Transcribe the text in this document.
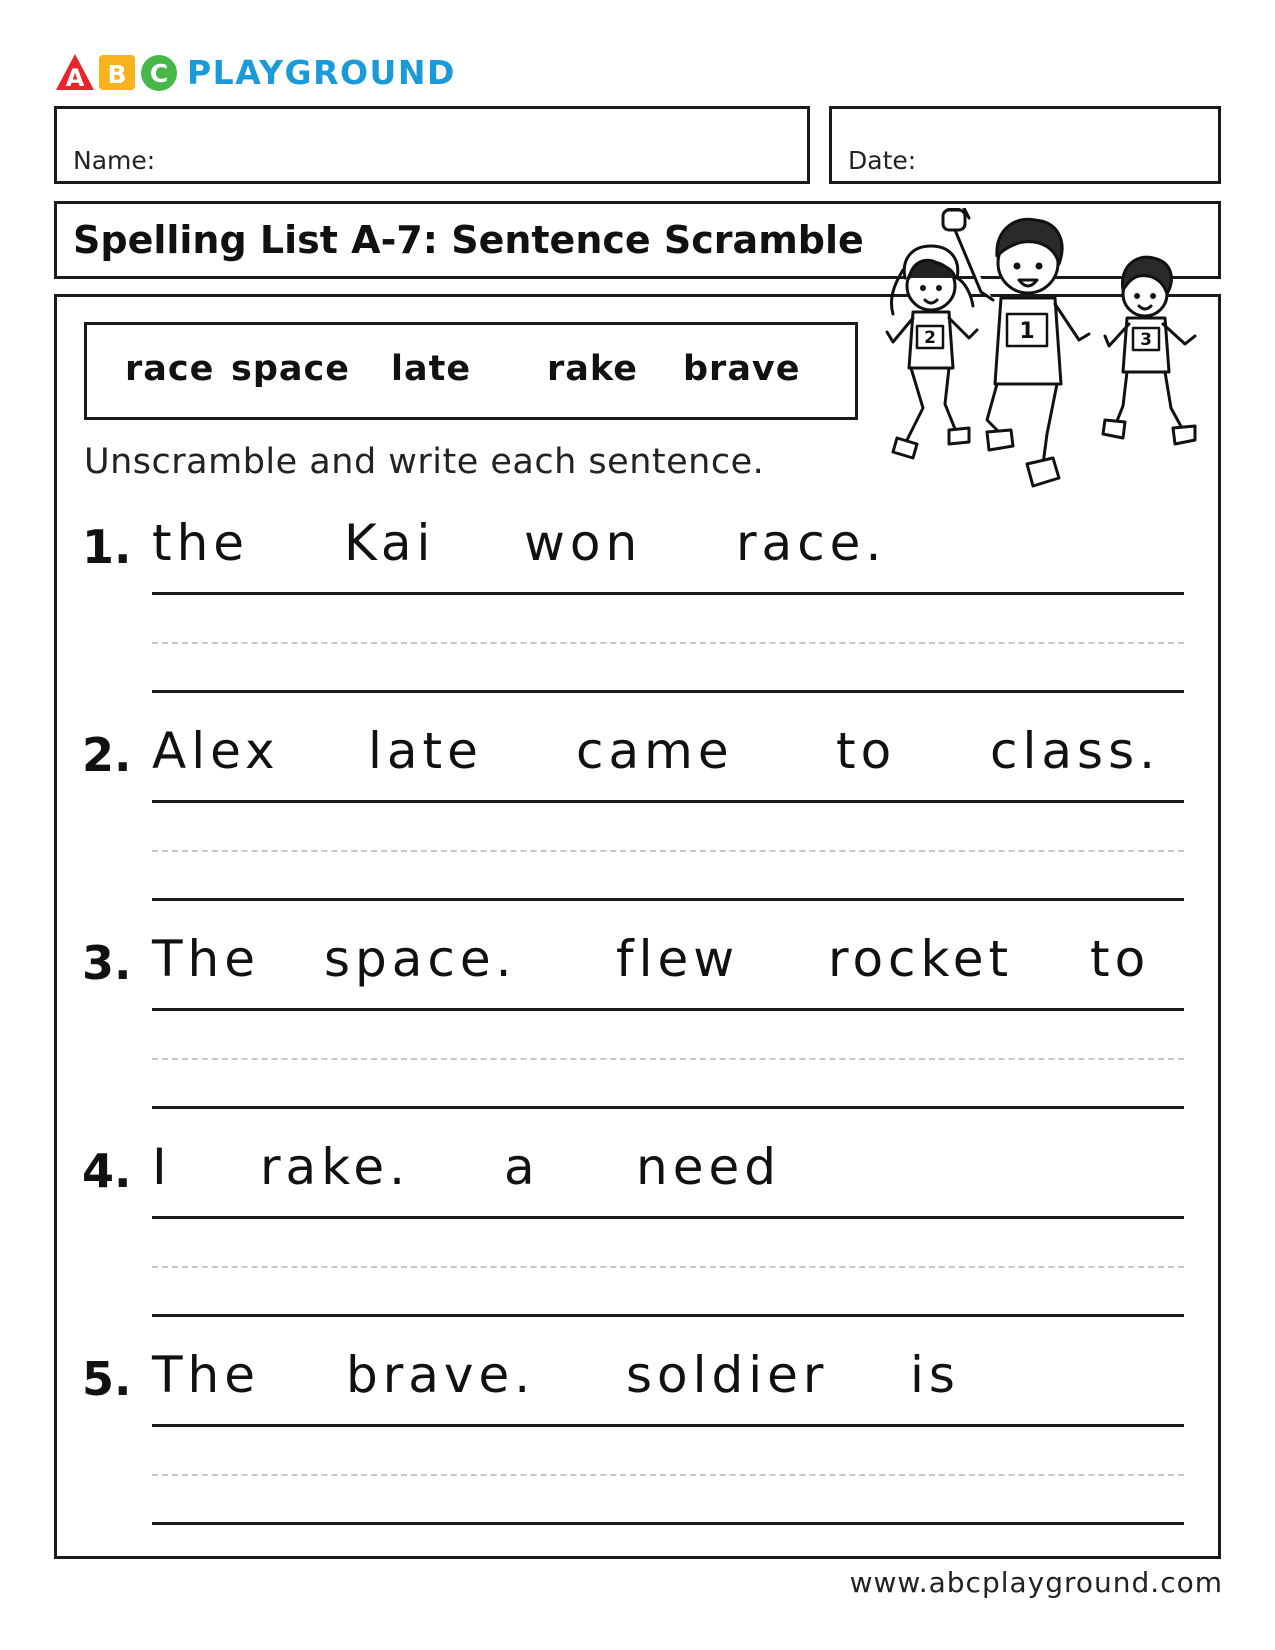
A B C PLAYGROUND
Name:	Date:
Spelling List A-7: Sentence Scramble
2	1	3
race space late rake brave
Unscramble and write each sentence.
1. the Kai won race.
2. Alex late came to class.
3. The space. flew rocket to
4. I rake. a need
5. The brave. soldier is
www.abcplayground.com
